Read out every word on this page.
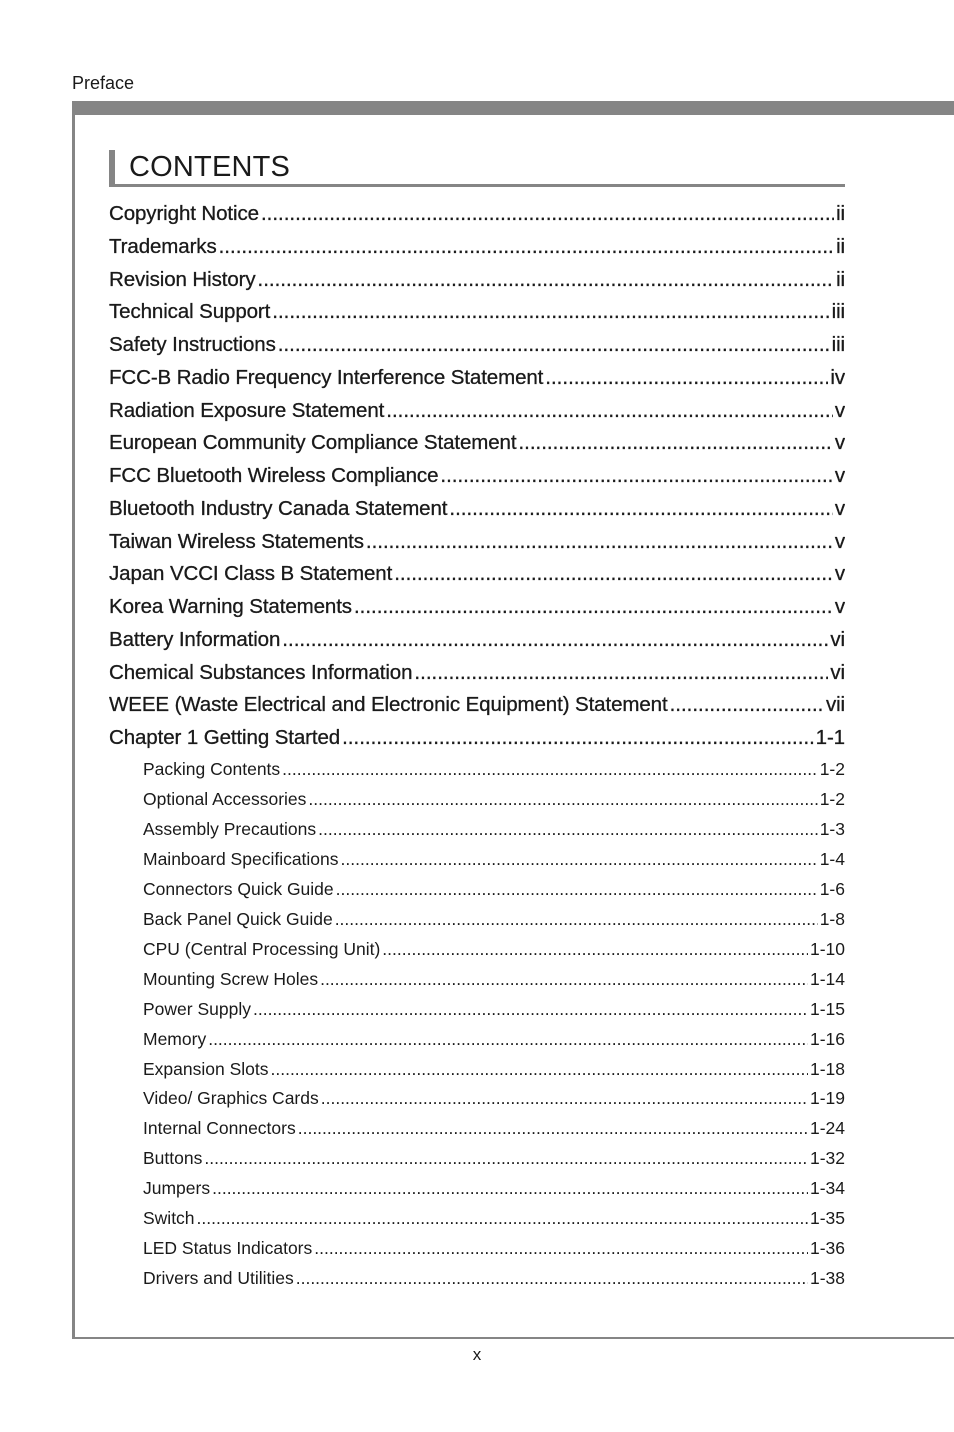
Preface
CONTENTS
Copyright Notice .....	ii
Trademarks .....	ii
Revision History .....	ii
Technical Support .....	iii
Safety Instructions .....	iii
FCC-B Radio Frequency Interference Statement .....	iv
Radiation Exposure Statement .....	v
European Community Compliance Statement .....	v
FCC Bluetooth Wireless Compliance .....	v
Bluetooth Industry Canada Statement .....	v
Taiwan Wireless Statements .....	v
Japan VCCI Class B Statement .....	v
Korea Warning Statements .....	v
Battery Information .....	vi
Chemical Substances Information .....	vi
WEEE (Waste Electrical and Electronic Equipment) Statement .....	vii
Chapter 1 Getting Started .....	1-1
Packing Contents .....	1-2
Optional Accessories .....	1-2
Assembly Precautions .....	1-3
Mainboard Specifications .....	1-4
Connectors Quick Guide .....	1-6
Back Panel Quick Guide .....	1-8
CPU (Central Processing Unit) .....	1-10
Mounting Screw Holes .....	1-14
Power Supply .....	1-15
Memory .....	1-16
Expansion Slots .....	1-18
Video/ Graphics Cards .....	1-19
Internal Connectors .....	1-24
Buttons .....	1-32
Jumpers .....	1-34
Switch .....	1-35
LED Status Indicators .....	1-36
Drivers and Utilities .....	1-38
x
